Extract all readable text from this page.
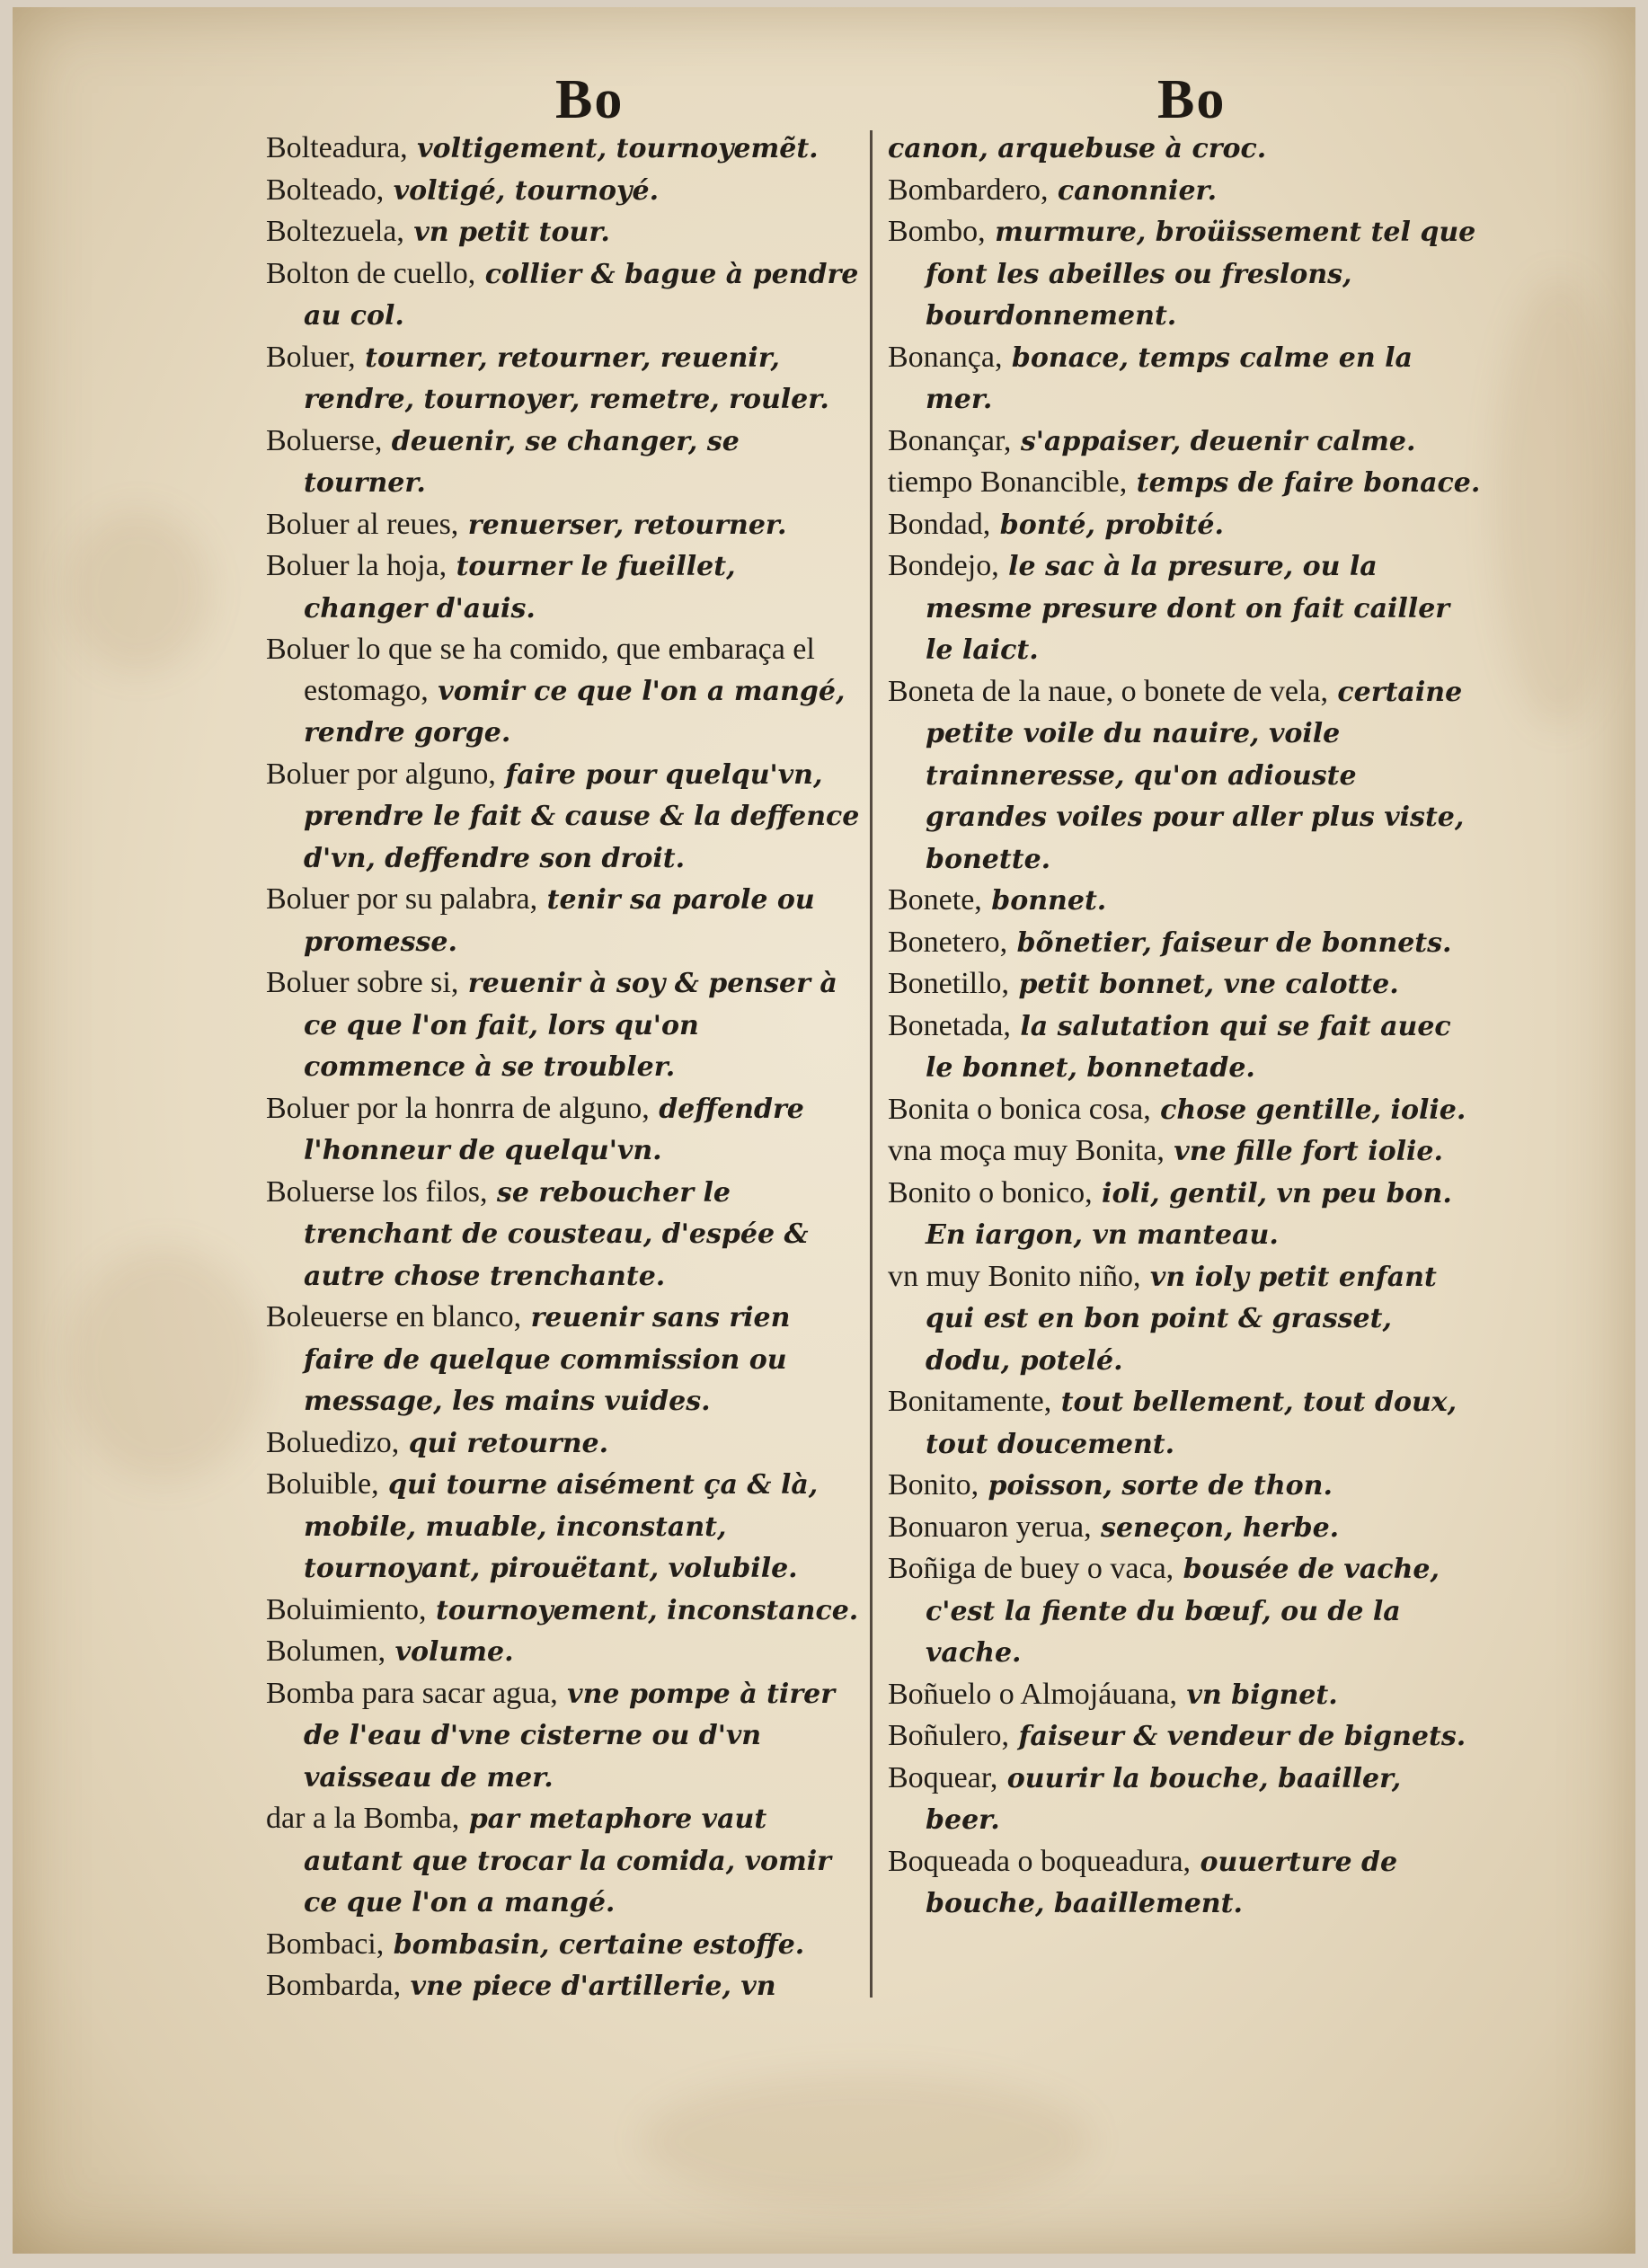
Bo	Bo

Bolteadura, voltigement, tournoyemẽt.

Bolteado, voltigé, tournoyé.

Boltezuela, vn petit tour.

Bolton de cuello, collier & bague à pendre au col.

Boluer, tourner, retourner, reuenir, rendre, tournoyer, remetre, rouler.

Boluerse, deuenir, se changer, se tourner.

Boluer al reues, renuerser, retourner.

Boluer la hoja, tourner le fueillet, changer d'auis.

Boluer lo que se ha comido, que embaraça el estomago, vomir ce que l'on a mangé, rendre gorge.

Boluer por alguno, faire pour quelqu'vn, prendre le fait & cause & la deffence d'vn, deffendre son droit.

Boluer por su palabra, tenir sa parole ou promesse.

Boluer sobre si, reuenir à soy & penser à ce que l'on fait, lors qu'on commence à se troubler.

Boluer por la honrra de alguno, deffendre l'honneur de quelqu'vn.

Boluerse los filos, se reboucher le trenchant de cousteau, d'espée & autre chose trenchante.

Boleuerse en blanco, reuenir sans rien faire de quelque commission ou message, les mains vuides.

Boluedizo, qui retourne.

Boluible, qui tourne aisément ça & là, mobile, muable, inconstant, tournoyant, pirouëtant, volubile.

Boluimiento, tournoyement, inconstance.

Bolumen, volume.

Bomba para sacar agua, vne pompe à tirer de l'eau d'vne cisterne ou d'vn vaisseau de mer.

dar a la Bomba, par metaphore vaut autant que trocar la comida, vomir ce que l'on a mangé.

Bombaci, bombasin, certaine estoffe.

Bombarda, vne piece d'artillerie, vn

canon, arquebuse à croc.

Bombardero, canonnier.

Bombo, murmure, broüissement tel que font les abeilles ou freslons, bourdonnement.

Bonança, bonace, temps calme en la mer.

Bonançar, s'appaiser, deuenir calme.

tiempo Bonancible, temps de faire bonace.

Bondad, bonté, probité.

Bondejo, le sac à la presure, ou la mesme presure dont on fait cailler le laict.

Boneta de la naue, o bonete de vela, certaine petite voile du nauire, voile trainneresse, qu'on adiouste grandes voiles pour aller plus viste, bonette.

Bonete, bonnet.

Bonetero, bõnetier, faiseur de bonnets.

Bonetillo, petit bonnet, vne calotte.

Bonetada, la salutation qui se fait auec le bonnet, bonnetade.

Bonita o bonica cosa, chose gentille, iolie.

vna moça muy Bonita, vne fille fort iolie.

Bonito o bonico, ioli, gentil, vn peu bon. En iargon, vn manteau.

vn muy Bonito niño, vn ioly petit enfant qui est en bon point & grasset, dodu, potelé.

Bonitamente, tout bellement, tout doux, tout doucement.

Bonito, poisson, sorte de thon.

Bonuaron yerua, seneçon, herbe.

Boñiga de buey o vaca, bousée de vache, c'est la fiente du bœuf, ou de la vache.

Boñuelo o Almojáuana, vn bignet.

Boñulero, faiseur & vendeur de bignets.

Boquear, ouurir la bouche, baailler, beer.

Boqueada o boqueadura, ouuerture de bouche, baaillement.
